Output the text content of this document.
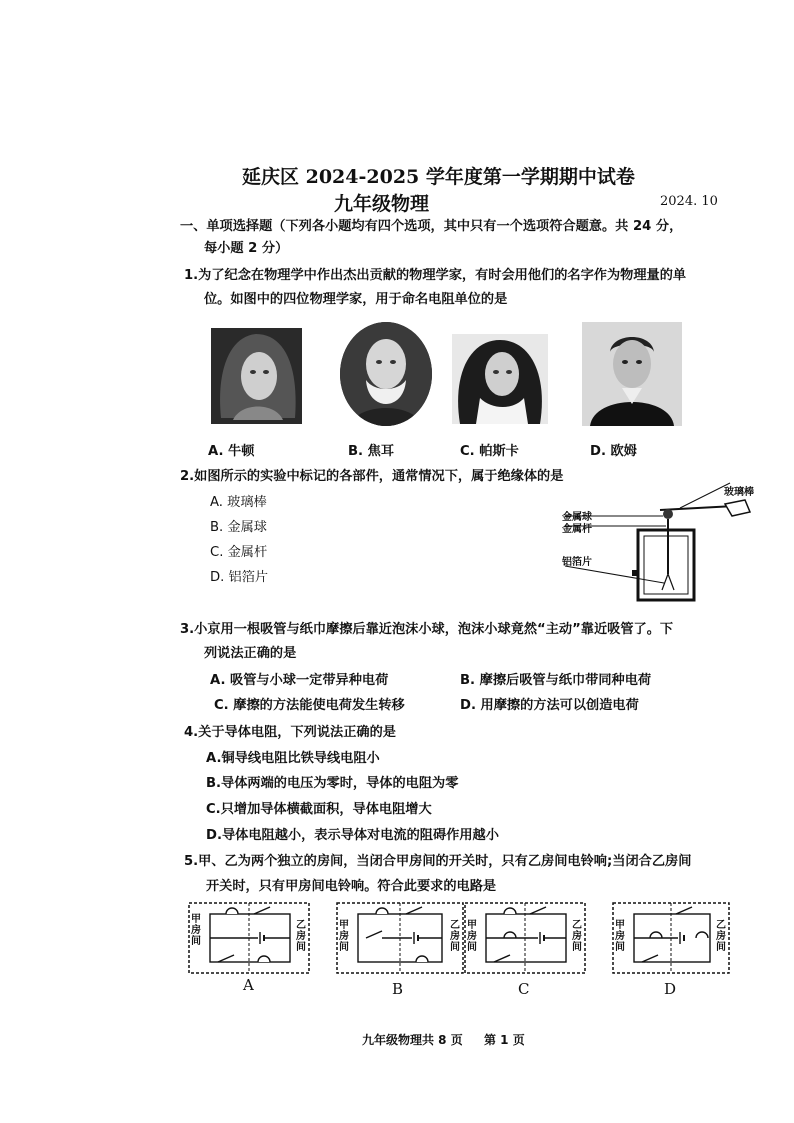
延庆区 2024-2025 学年度第一学期期中试卷
九年级物理	2024. 10
一、单项选择题（下列各小题均有四个选项，其中只有一个选项符合题意。共 24 分，
每小题 2 分）
1.为了纪念在物理学中作出杰出贡献的物理学家，有时会用他们的名字作为物理量的单
位。如图中的四位物理学家，用于命名电阻单位的是
A. 牛顿	B. 焦耳	C. 帕斯卡	D. 欧姆
2.如图所示的实验中标记的各部件，通常情况下，属于绝缘体的是
A. 玻璃棒
B. 金属球
C. 金属杆
D. 铝箔片
玻璃棒
金属球
金属杆
铝箔片
3.小京用一根吸管与纸巾摩擦后靠近泡沫小球，泡沫小球竟然“主动”靠近吸管了。下
列说法正确的是
A. 吸管与小球一定带异种电荷	B. 摩擦后吸管与纸巾带同种电荷
C. 摩擦的方法能使电荷发生转移	D. 用摩擦的方法可以创造电荷
4.关于导体电阻，下列说法正确的是
A.铜导线电阻比铁导线电阻小
B.导体两端的电压为零时，导体的电阻为零
C.只增加导体横截面积，导体电阻增大
D.导体电阻越小，表示导体对电流的阻碍作用越小
5.甲、乙为两个独立的房间，当闭合甲房间的开关时，只有乙房间电铃响;当闭合乙房间
开关时，只有甲房间电铃响。符合此要求的电路是
甲房间
乙房间
甲房间
乙房间
甲房间
乙房间
甲房间
乙房间
A	B	C	D
九年级物理共 8 页 第 1 页
